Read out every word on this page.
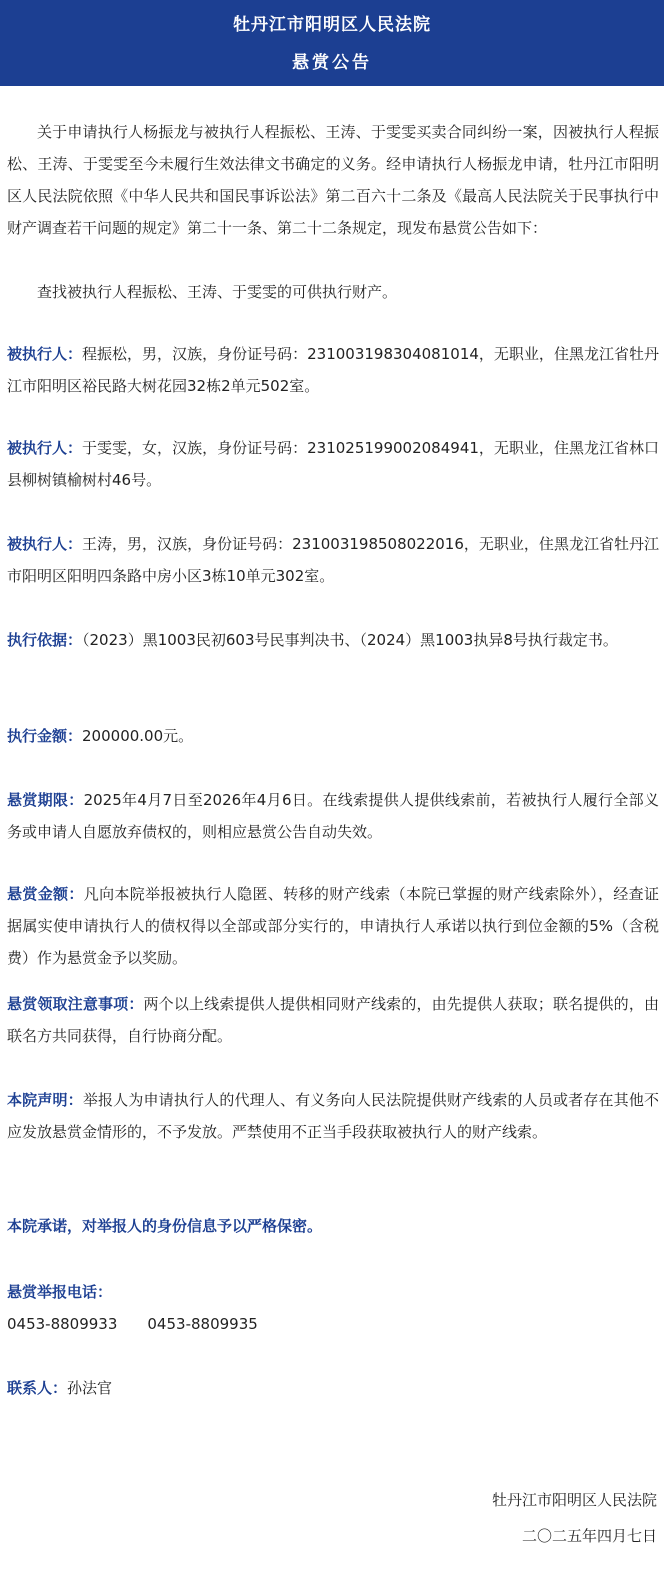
牡丹江市阳明区人民法院
悬赏公告

关于申请执行人杨振龙与被执行人程振松、王涛、于雯雯买卖合同纠纷一案，因被执行人程振松、王涛、于雯雯至今未履行生效法律文书确定的义务。经申请执行人杨振龙申请，牡丹江市阳明区人民法院依照《中华人民共和国民事诉讼法》第二百六十二条及《最高人民法院关于民事执行中财产调查若干问题的规定》第二十一条、第二十二条规定，现发布悬赏公告如下：

查找被执行人程振松、王涛、于雯雯的可供执行财产。

被执行人：程振松，男，汉族，身份证号码：231003198304081014，无职业，住黑龙江省牡丹江市阳明区裕民路大树花园32栋2单元502室。

被执行人：于雯雯，女，汉族，身份证号码：231025199002084941，无职业，住黑龙江省林口县柳树镇榆树村46号。

被执行人：王涛，男，汉族，身份证号码：231003198508022016，无职业，住黑龙江省牡丹江市阳明区阳明四条路中房小区3栋10单元302室。

执行依据：（2023）黑1003民初603号民事判决书、（2024）黑1003执异8号执行裁定书。

执行金额：200000.00元。

悬赏期限：2025年4月7日至2026年4月6日。在线索提供人提供线索前，若被执行人履行全部义务或申请人自愿放弃债权的，则相应悬赏公告自动失效。

悬赏金额：凡向本院举报被执行人隐匿、转移的财产线索（本院已掌握的财产线索除外），经查证据属实使申请执行人的债权得以全部或部分实行的，申请执行人承诺以执行到位金额的5%（含税费）作为悬赏金予以奖励。

悬赏领取注意事项：两个以上线索提供人提供相同财产线索的，由先提供人获取；联名提供的，由联名方共同获得，自行协商分配。

本院声明：举报人为申请执行人的代理人、有义务向人民法院提供财产线索的人员或者存在其他不应发放悬赏金情形的，不予发放。严禁使用不正当手段获取被执行人的财产线索。

本院承诺，对举报人的身份信息予以严格保密。

悬赏举报电话：

0453-8809933　　0453-8809935

联系人：孙法官

牡丹江市阳明区人民法院
二〇二五年四月七日
